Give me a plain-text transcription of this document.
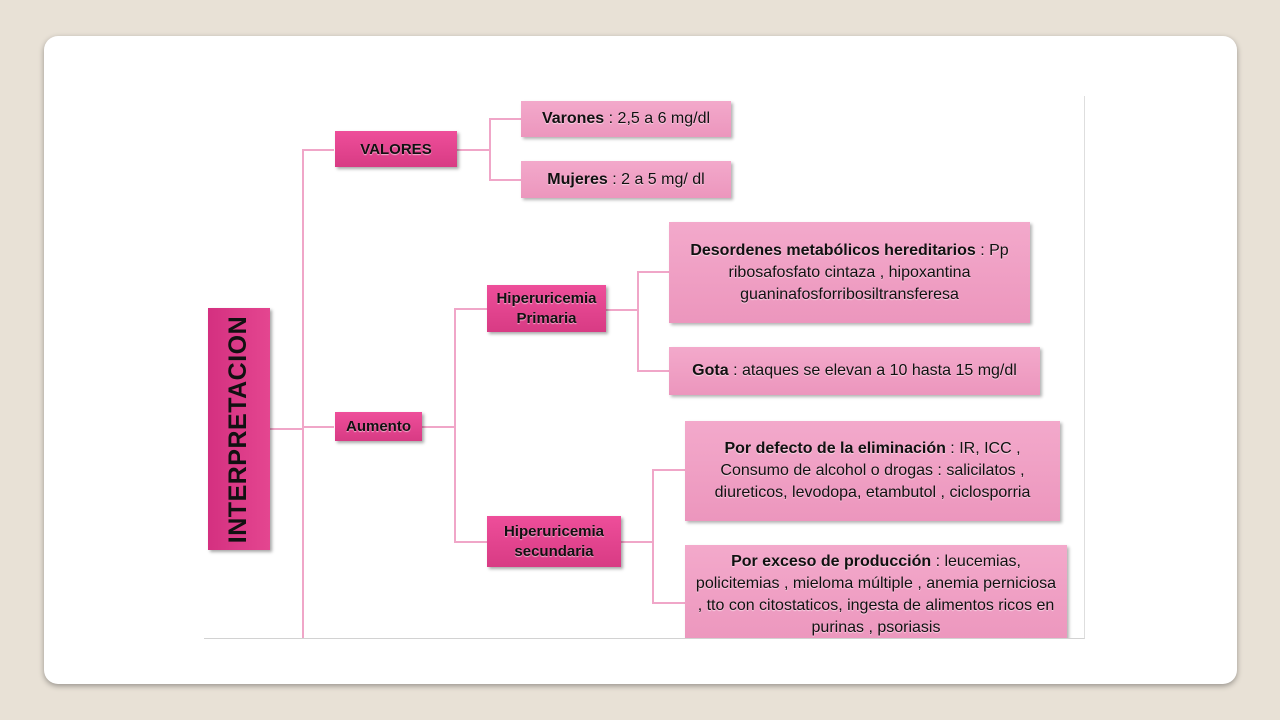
INTERPRETACION
VALORES
Varones : 2,5 a 6 mg/dl
Mujeres : 2 a 5 mg/ dl
Aumento
Hiperuricemia Primaria
Desordenes metabólicos hereditarios : Pp ribosafosfato cintaza , hipoxantina guaninafosforribosiltransferesa
Gota : ataques se elevan a 10 hasta 15 mg/dl
Hiperuricemia secundaria
Por defecto de la eliminación : IR, ICC , Consumo de alcohol o drogas : salicilatos , diureticos, levodopa, etambutol , ciclosporria
Por exceso de producción : leucemias, policitemias , mieloma múltiple , anemia perniciosa , tto con citostaticos, ingesta de alimentos ricos en purinas , psoriasis
